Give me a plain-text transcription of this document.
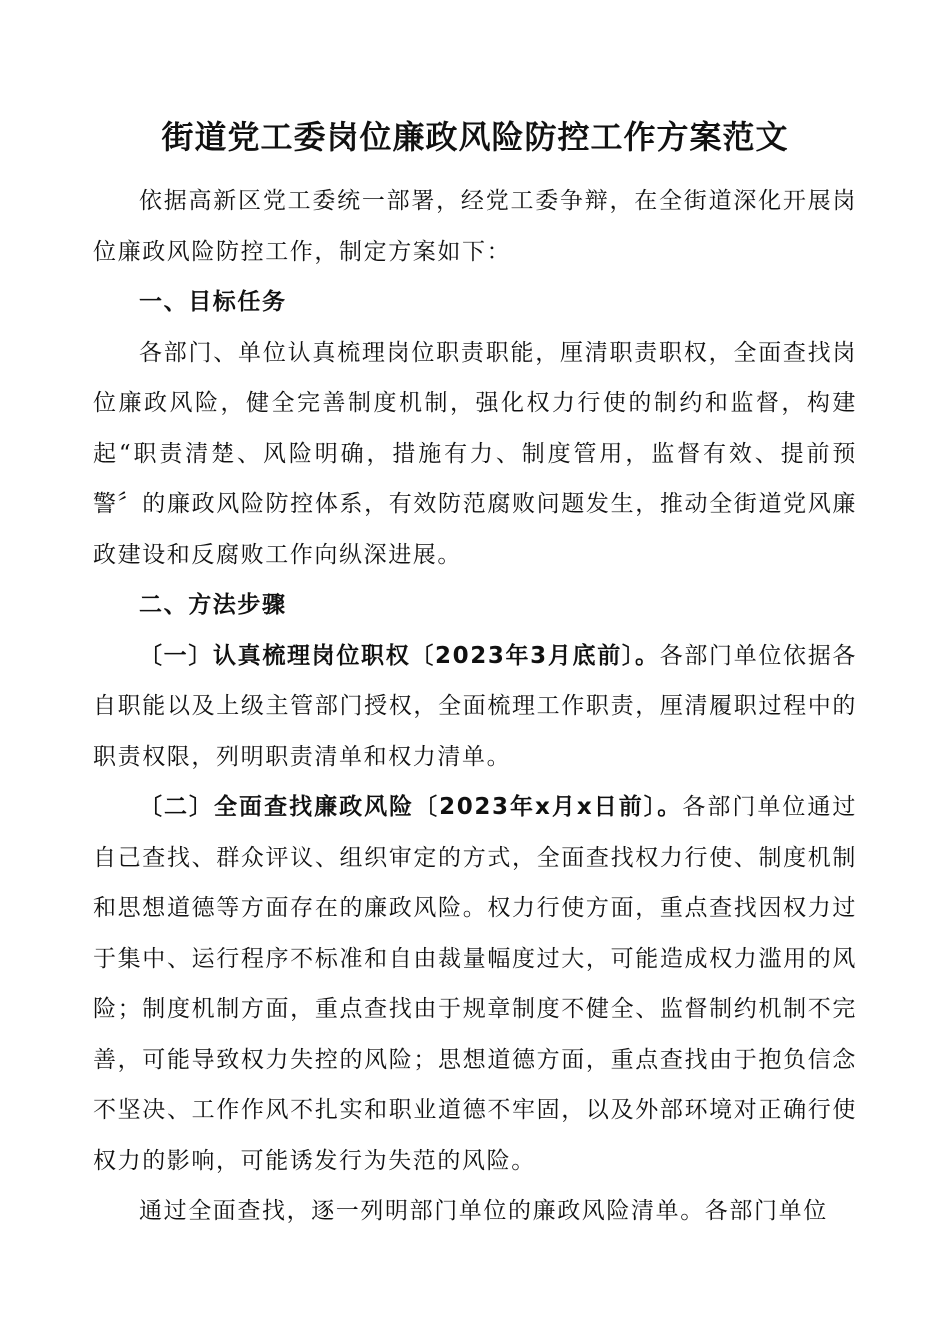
街道党工委岗位廉政风险防控工作方案范文

依据高新区党工委统一部署，经党工委争辩，在全街道深化开展岗位廉政风险防控工作，制定方案如下：

一、目标任务

各部门、单位认真梳理岗位职责职能，厘清职责职权，全面查找岗位廉政风险，健全完善制度机制，强化权力行使的制约和监督，构建起“职责清楚、风险明确，措施有力、制度管用，监督有效、提前预警〞的廉政风险防控体系，有效防范腐败问题发生，推动全街道党风廉政建设和反腐败工作向纵深进展。

二、方法步骤

〔一〕认真梳理岗位职权〔2023年3月底前〕。各部门单位依据各自职能以及上级主管部门授权，全面梳理工作职责，厘清履职过程中的职责权限，列明职责清单和权力清单。

〔二〕全面查找廉政风险〔2023年x月x日前〕。各部门单位通过自己查找、群众评议、组织审定的方式，全面查找权力行使、制度机制和思想道德等方面存在的廉政风险。权力行使方面，重点查找因权力过于集中、运行程序不标准和自由裁量幅度过大，可能造成权力滥用的风险；制度机制方面，重点查找由于规章制度不健全、监督制约机制不完善，可能导致权力失控的风险；思想道德方面，重点查找由于抱负信念不坚决、工作作风不扎实和职业道德不牢固，以及外部环境对正确行使权力的影响，可能诱发行为失范的风险。

通过全面查找，逐一列明部门单位的廉政风险清单。各部门单位
